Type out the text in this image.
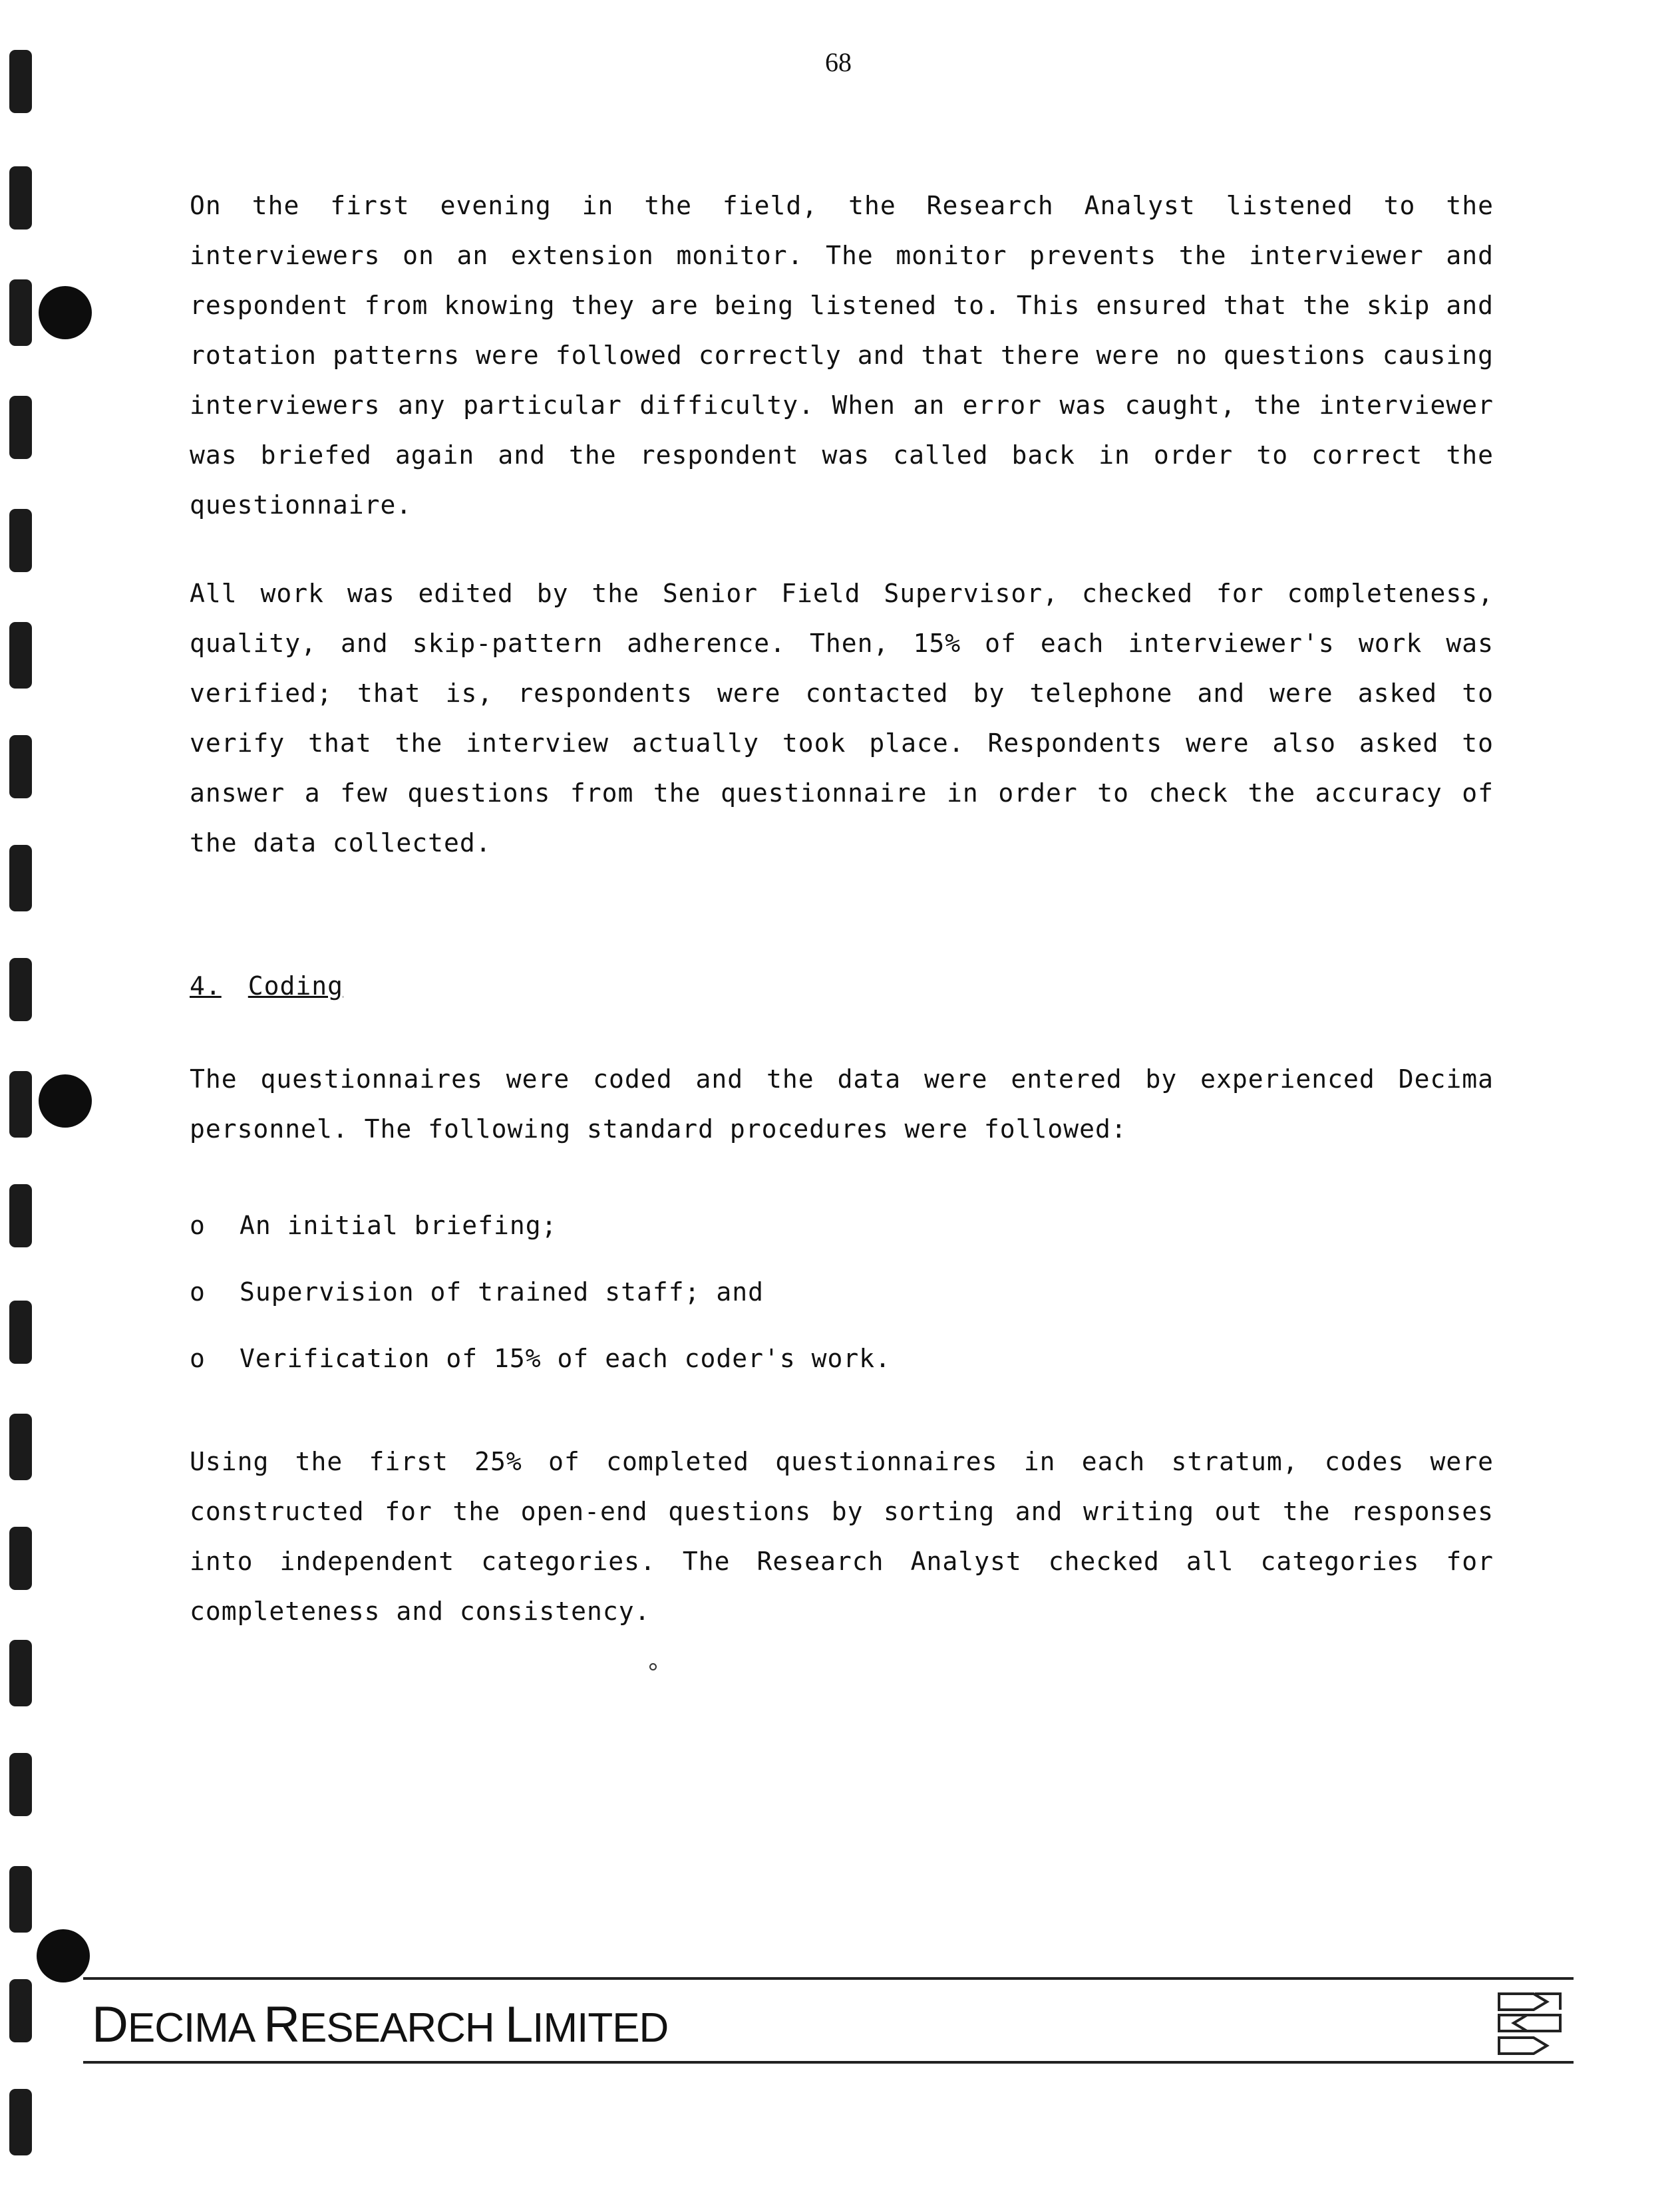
68

On the first evening in the field, the Research Analyst listened to the interviewers on an extension monitor. The monitor prevents the interviewer and respondent from knowing they are being listened to. This ensured that the skip and rotation patterns were followed correctly and that there were no questions causing interviewers any particular difficulty. When an error was caught, the interviewer was briefed again and the respondent was called back in order to correct the questionnaire.

All work was edited by the Senior Field Supervisor, checked for completeness, quality, and skip-pattern adherence. Then, 15% of each interviewer's work was verified; that is, respondents were contacted by telephone and were asked to verify that the interview actually took place. Respondents were also asked to answer a few questions from the questionnaire in order to check the accuracy of the data collected.

4. Coding

The questionnaires were coded and the data were entered by experienced Decima personnel. The following standard procedures were followed:

o An initial briefing;
o Supervision of trained staff; and
o Verification of 15% of each coder's work.

Using the first 25% of completed questionnaires in each stratum, codes were constructed for the open-end questions by sorting and writing out the responses into independent categories. The Research Analyst checked all categories for completeness and consistency.

DECIMA RESEARCH LIMITED
